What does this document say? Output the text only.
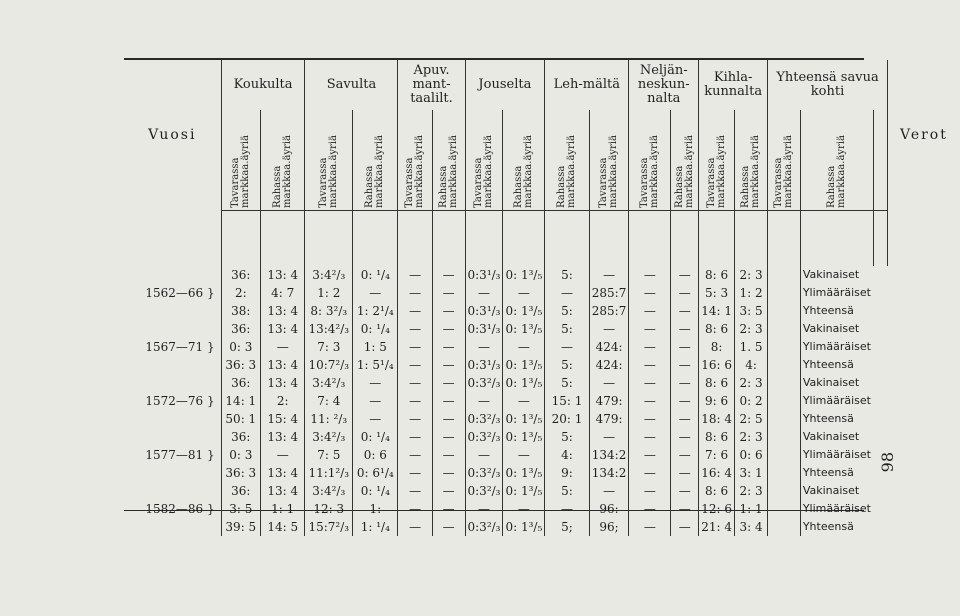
Vuosi	Koukulta		Savulta		Apuv. mant-taalilt.		Jouselta		Leh-mältä		Neljän-neskun-nalta		Kihla-kunnalta		Yhteensä savua kohti			Verot

	Tavarassa markkaa.äyriä	Rahassa markkaa.äyriä	Tavarassa markkaa.äyriä	Rahassa markkaa.äyriä	Tavarassa markkaa.äyriä	Rahassa markkaa.äyriä	Tavarassa markkaa.äyriä	Rahassa markkaa.äyriä	Rahassa markkaa.äyriä	Tavarassa markkaa.äyriä	Tavarassa markkaa.äyriä	Rahassa markkaa.äyriä	Tavarassa markkaa.äyriä	Rahassa markkaa.äyriä	Tavarassa markkaa.äyriä	Rahassa markkaa.äyriä		

	36:	13: 4	3:4²/₃	0: ¹/₄	—	—	0:3¹/₃	0: 1³/₅	5:	—	—	—	8: 6	2: 3		Vakinaiset		
1562—66 }	2:	4: 7	1: 2	—	—	—	—	—	—	285:7	—	—	5: 3	1: 2		Ylimääräiset		
	38:	13: 4	8: 3²/₃	1: 2¹/₄	—	—	0:3¹/₃	0: 1³/₅	5:	285:7	—	—	14: 1	3: 5		Yhteensä		
	36:	13: 4	13:4²/₃	0: ¹/₄	—	—	0:3¹/₃	0: 1³/₅	5:	—	—	—	8: 6	2: 3		Vakinaiset		
1567—71 }	0: 3	—	7: 3	1: 5	—	—	—	—	—	424:	—	—	8:	1. 5		Ylimääräiset		
	36: 3	13: 4	10:7²/₃	1: 5¹/₄	—	—	0:3¹/₃	0: 1³/₅	5:	424:	—	—	16: 6	4:		Yhteensä		
	36:	13: 4	3:4²/₃	—	—	—	0:3²/₃	0: 1³/₅	5:	—	—	—	8: 6	2: 3		Vakinaiset		
1572—76 }	14: 1	2:	7: 4	—	—	—	—	—	15: 1	479:	—	—	9: 6	0: 2		Ylimääräiset		
	50: 1	15: 4	11: ²/₃	—	—	—	0:3²/₃	0: 1³/₅	20: 1	479:	—	—	18: 4	2: 5		Yhteensä		
	36:	13: 4	3:4²/₃	0: ¹/₄	—	—	0:3²/₃	0: 1³/₅	5:	—	—	—	8: 6	2: 3		Vakinaiset		
1577—81 }	0: 3	—	7: 5	0: 6	—	—	—	—	4:	134:2	—	—	7: 6	0: 6		Ylimääräiset		
	36: 3	13: 4	11:1²/₃	0: 6¹/₄	—	—	0:3²/₃	0: 1³/₅	9:	134:2	—	—	16: 4	3: 1		Yhteensä		
	36:	13: 4	3:4²/₃	0: ¹/₄	—	—	0:3²/₃	0: 1³/₅	5:	—	—	—	8: 6	2: 3		Vakinaiset		
1582—86 }	3: 5	1: 1	12: 3	1:	—	—	—	—	—	96:	—	—	12: 6	1: 1		Ylimääräiset		
	39: 5	14: 5	15:7²/₃	1: ¹/₄	—	—	0:3²/₃	0: 1³/₅	5;	96;	—	—	21: 4	3: 4		Yhteensä		
98
